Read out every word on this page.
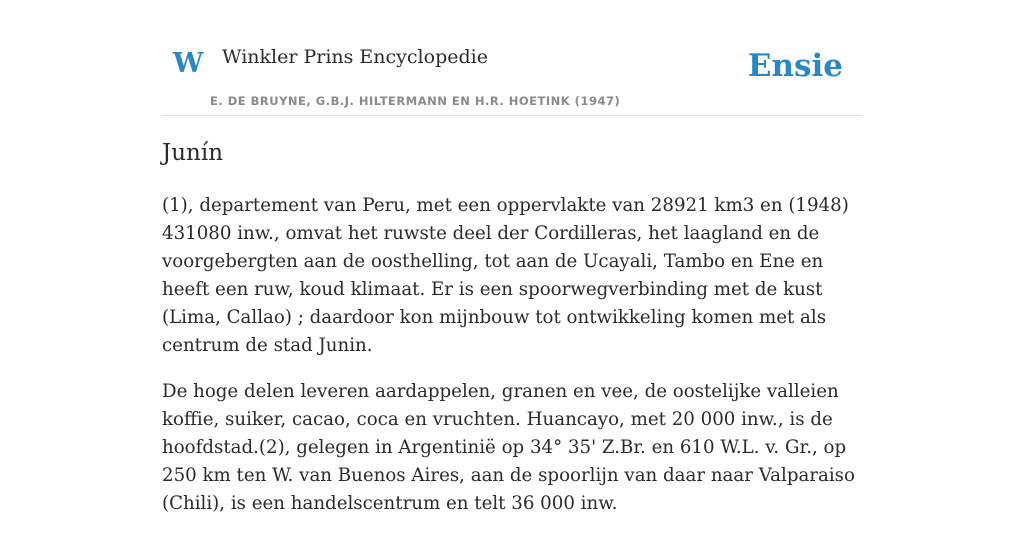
W Winkler Prins Encyclopedie
E. DE BRUYNE, G.B.J. HILTERMANN EN H.R. HOETINK (1947)
Ensie
Junín

(1), departement van Peru, met een oppervlakte van 28921 km3 en (1948) 431080 inw., omvat het ruwste deel der Cordilleras, het laagland en de voorgebergten aan de oosthelling, tot aan de Ucayali, Tambo en Ene en heeft een ruw, koud klimaat. Er is een spoorwegverbinding met de kust (Lima, Callao) ; daardoor kon mijnbouw tot ontwikkeling komen met als centrum de stad Junin.

De hoge delen leveren aardappelen, granen en vee, de oostelijke valleien koffie, suiker, cacao, coca en vruchten. Huancayo, met 20 000 inw., is de hoofdstad.(2), gelegen in Argentinië op 34° 35' Z.Br. en 610 W.L. v. Gr., op 250 km ten W. van Buenos Aires, aan de spoorlijn van daar naar Valparaiso (Chili), is een handelscentrum en telt 36 000 inw.
